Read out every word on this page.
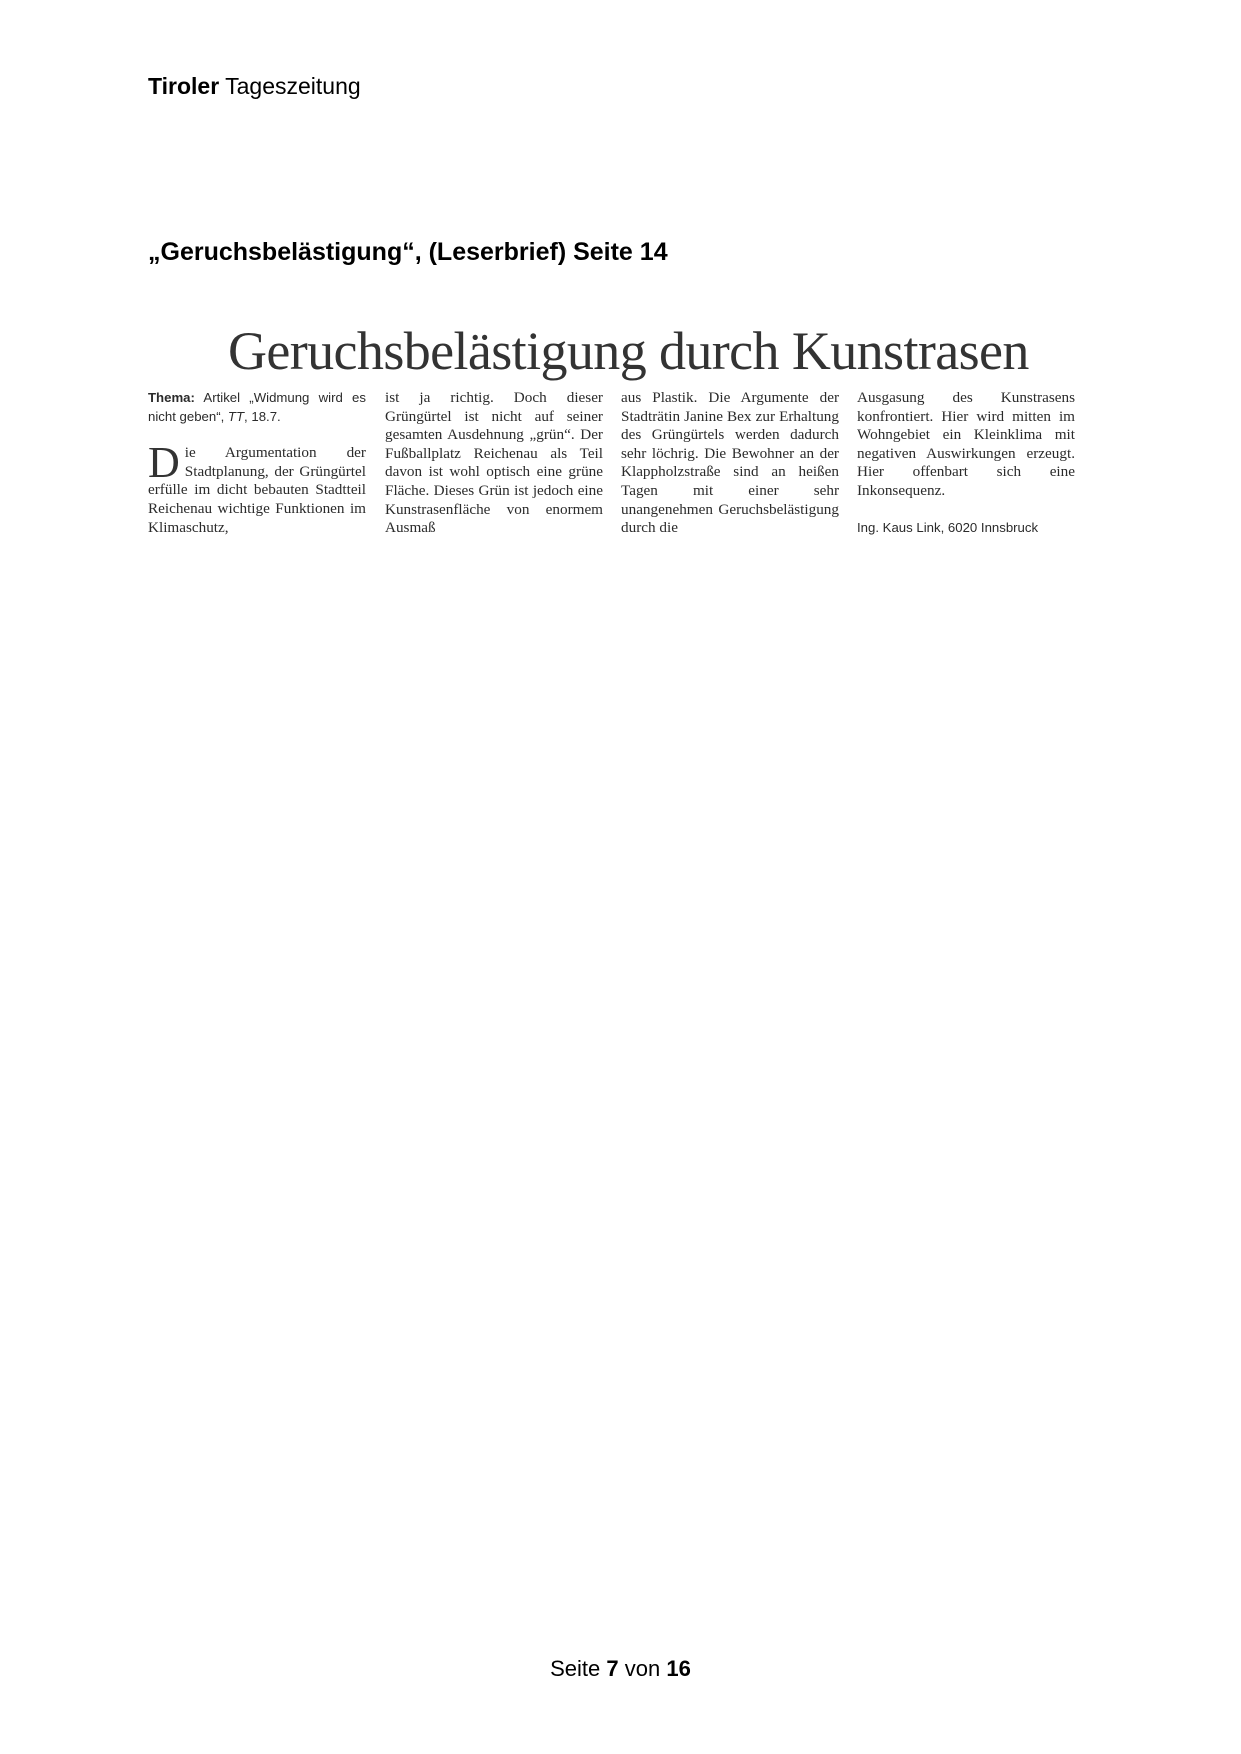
Tiroler Tageszeitung
„Geruchsbelästigung“, (Leserbrief) Seite 14
Geruchsbelästigung durch Kunstrasen

Thema: Artikel „Widmung wird es nicht geben“, TT, 18.7.

Die Argumentation der Stadtplanung, der Grüngürtel erfülle im dicht bebauten Stadtteil Reichenau wichtige Funktionen im Klimaschutz,

ist ja richtig. Doch dieser Grüngürtel ist nicht auf seiner gesamten Ausdehnung „grün“. Der Fußballplatz Reichenau als Teil davon ist wohl optisch eine grüne Fläche. Dieses Grün ist jedoch eine Kunstrasenfläche von enormem Ausmaß

aus Plastik. Die Argumente der Stadträtin Janine Bex zur Erhaltung des Grüngürtels werden dadurch sehr löchrig. Die Bewohner an der Klappholzstraße sind an heißen Tagen mit einer sehr unangenehmen Geruchsbelästigung durch die

Ausgasung des Kunstrasens konfrontiert. Hier wird mitten im Wohngebiet ein Kleinklima mit negativen Auswirkungen erzeugt. Hier offenbart sich eine Inkonsequenz.

Ing. Kaus Link, 6020 Innsbruck
Seite 7 von 16
